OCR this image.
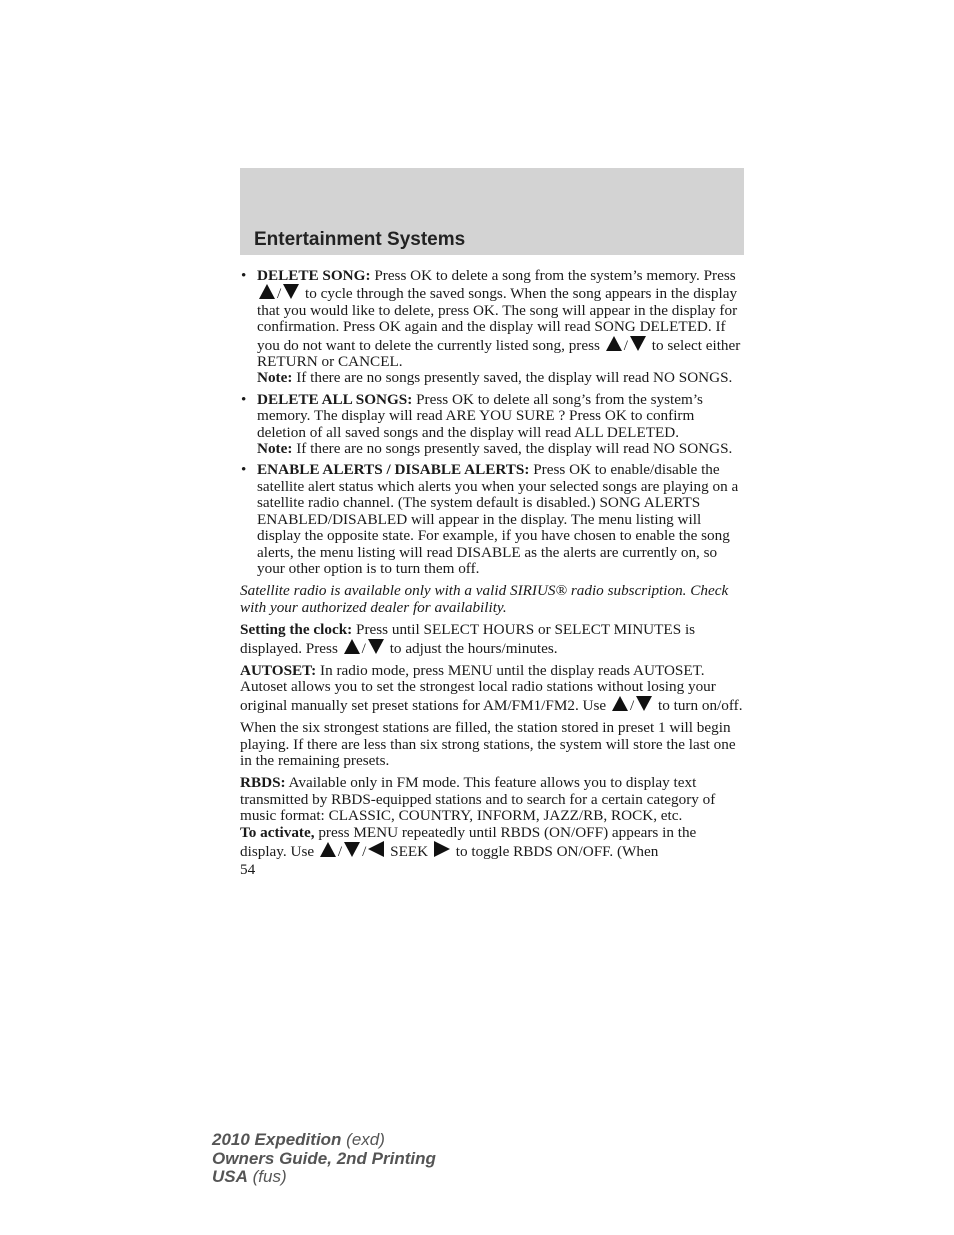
Entertainment Systems
• DELETE SONG: Press OK to delete a song from the system’s memory. Press / to cycle through the saved songs. When the song appears in the display that you would like to delete, press OK. The song will appear in the display for confirmation. Press OK again and the display will read SONG DELETED. If you do not want to delete the currently listed song, press / to select either RETURN or CANCEL.
Note: If there are no songs presently saved, the display will read NO SONGS.
• DELETE ALL SONGS: Press OK to delete all song’s from the system’s memory. The display will read ARE YOU SURE ? Press OK to confirm deletion of all saved songs and the display will read ALL DELETED.
Note: If there are no songs presently saved, the display will read NO SONGS.
• ENABLE ALERTS / DISABLE ALERTS: Press OK to enable/disable the satellite alert status which alerts you when your selected songs are playing on a satellite radio channel. (The system default is disabled.) SONG ALERTS ENABLED/DISABLED will appear in the display. The menu listing will display the opposite state. For example, if you have chosen to enable the song alerts, the menu listing will read DISABLE as the alerts are currently on, so your other option is to turn them off.

Satellite radio is available only with a valid SIRIUS® radio subscription. Check with your authorized dealer for availability.

Setting the clock: Press until SELECT HOURS or SELECT MINUTES is displayed. Press / to adjust the hours/minutes.

AUTOSET: In radio mode, press MENU until the display reads AUTOSET. Autoset allows you to set the strongest local radio stations without losing your original manually set preset stations for AM/FM1/FM2. Use / to turn on/off.

When the six strongest stations are filled, the station stored in preset 1 will begin playing. If there are less than six strong stations, the system will store the last one in the remaining presets.

RBDS: Available only in FM mode. This feature allows you to display text transmitted by RBDS-equipped stations and to search for a certain category of music format: CLASSIC, COUNTRY, INFORM, JAZZ/RB, ROCK, etc.

To activate, press MENU repeatedly until RBDS (ON/OFF) appears in the display. Use / / SEEK  to toggle RBDS ON/OFF. (When

54

2010 Expedition (exd)
Owners Guide, 2nd Printing
USA (fus)
